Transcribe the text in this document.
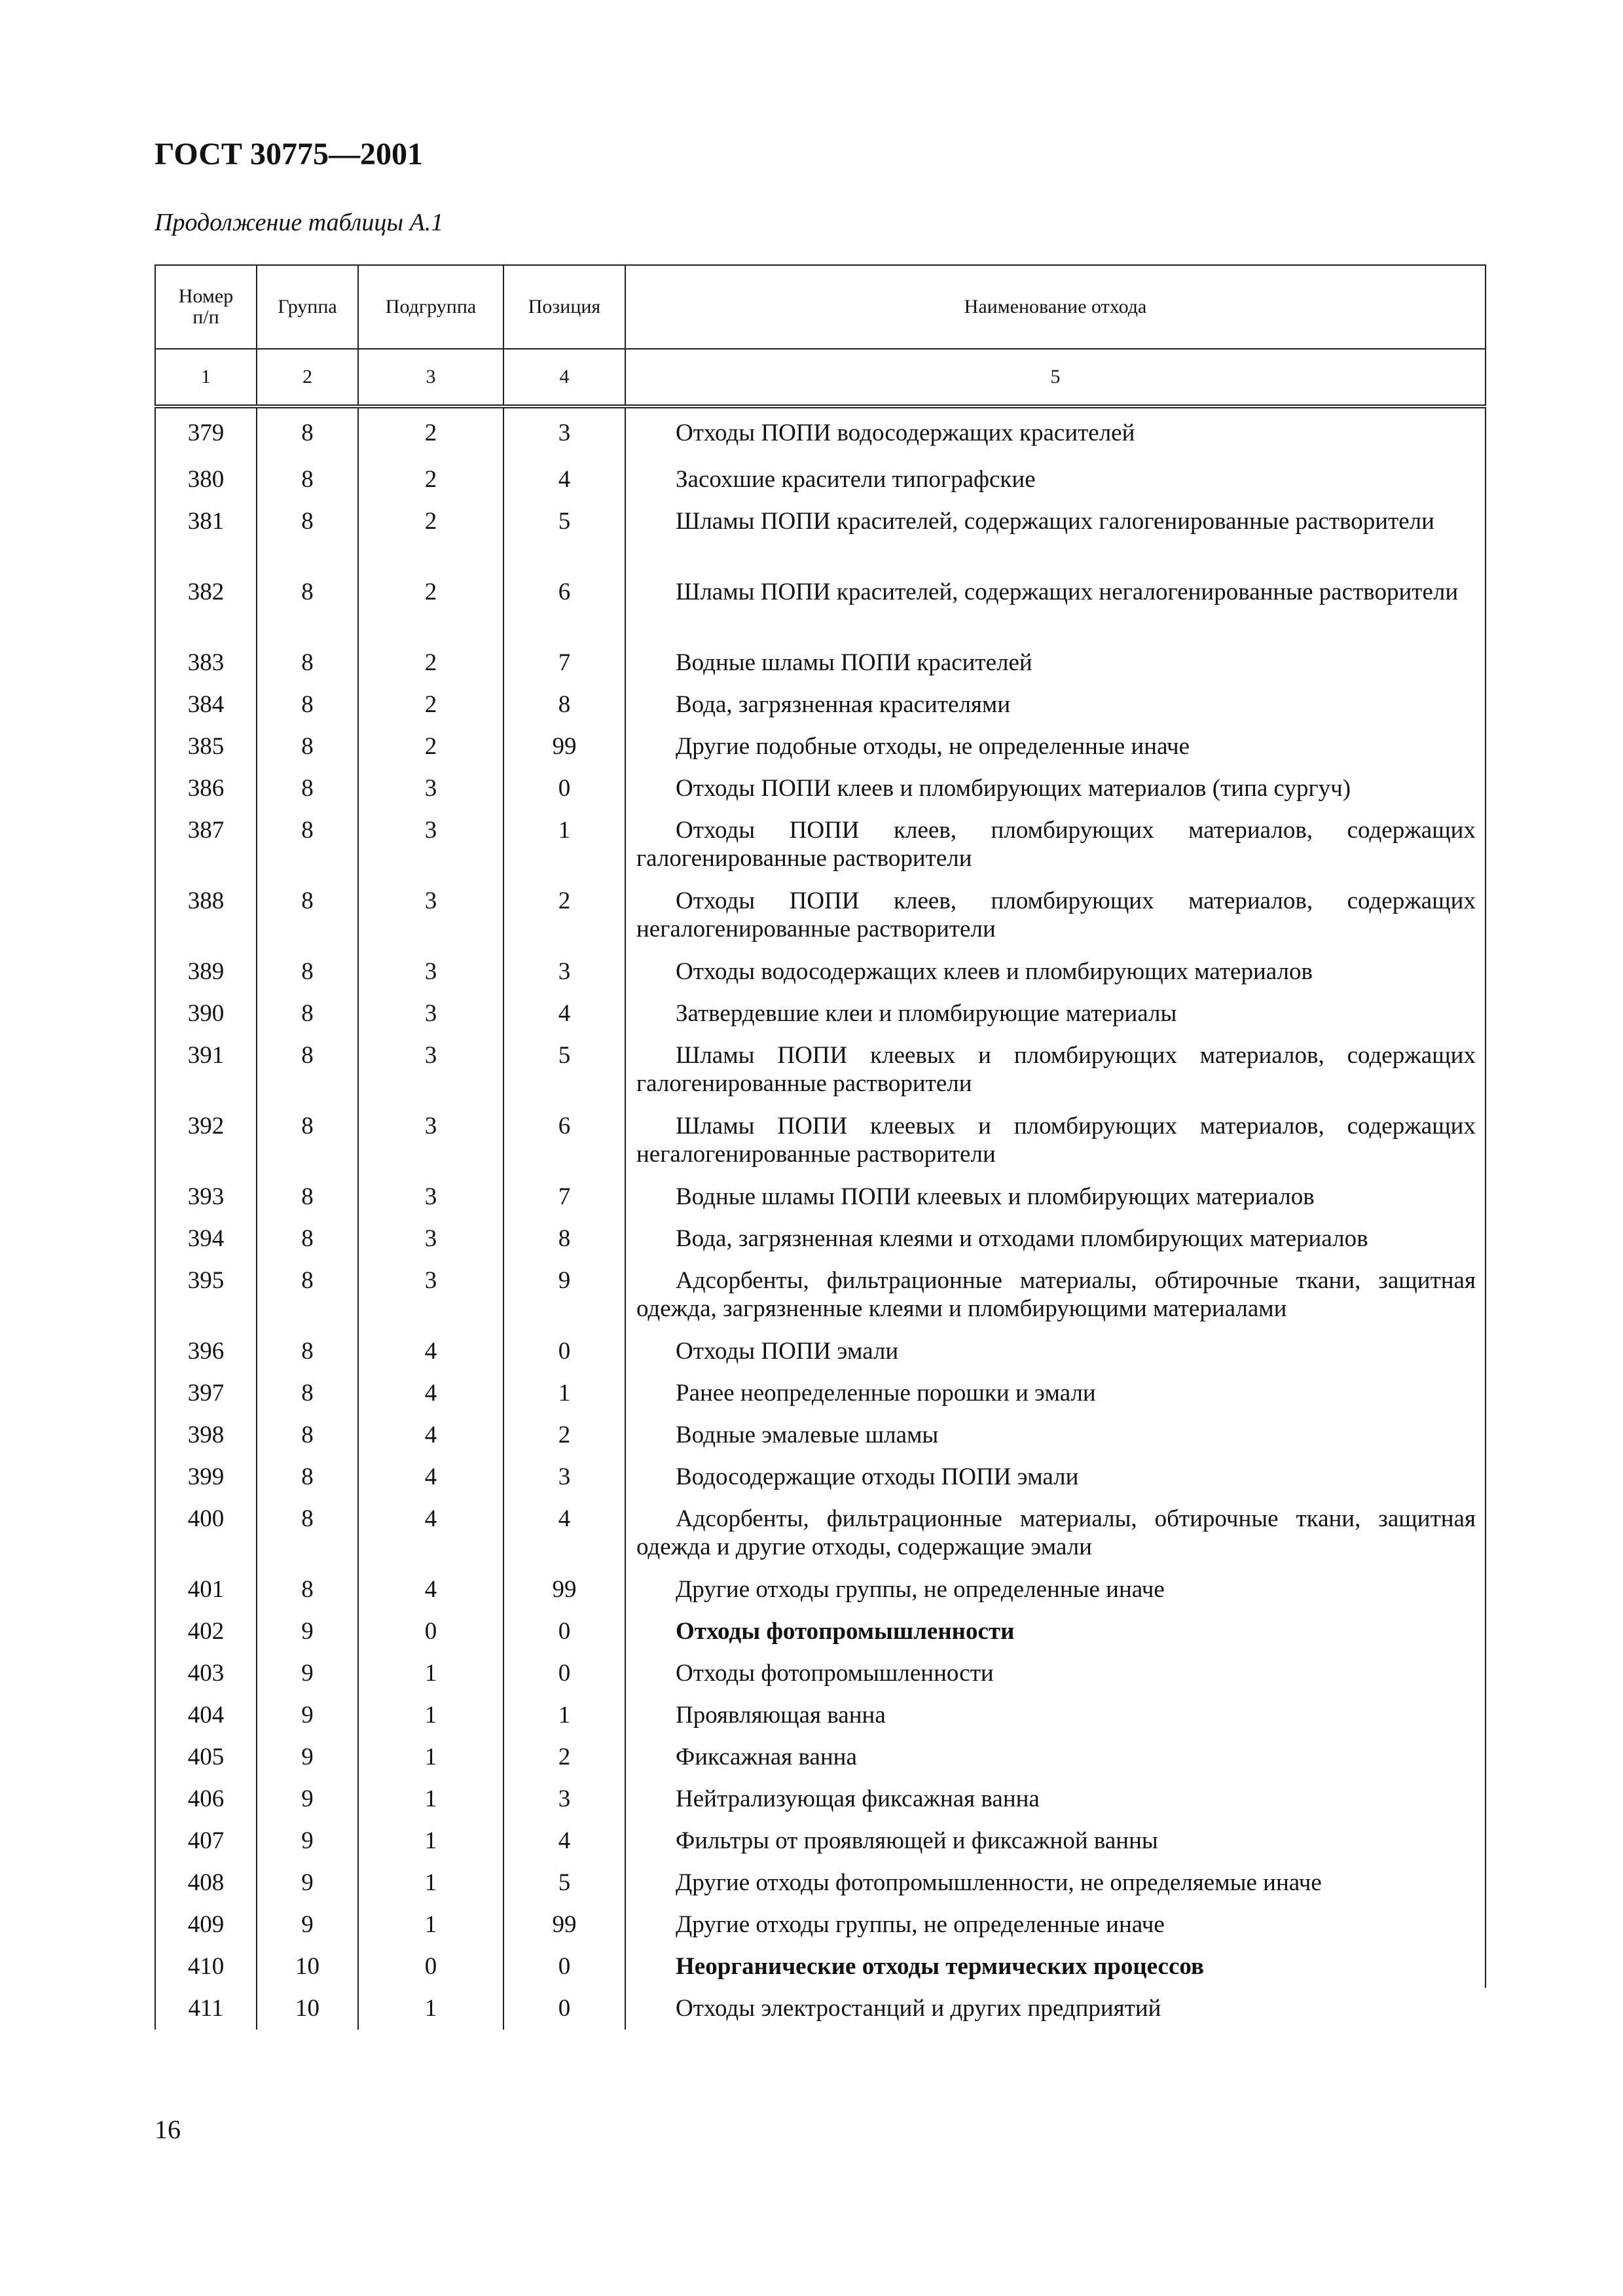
ГОСТ 30775—2001
Продолжение таблицы А.1
Номер п/п	Группа	Подгруппа	Позиция	Наименование отхода
1	2	3	4	5
379	8	2	3	Отходы ПОПИ водосодержащих красителей
380	8	2	4	Засохшие красители типографские
381	8	2	5	Шламы ПОПИ красителей, содержащих галогенированные растворители
382	8	2	6	Шламы ПОПИ красителей, содержащих негалогенированные растворители
383	8	2	7	Водные шламы ПОПИ красителей
384	8	2	8	Вода, загрязненная красителями
385	8	2	99	Другие подобные отходы, не определенные иначе
386	8	3	0	Отходы ПОПИ клеев и пломбирующих материалов (типа сургуч)
387	8	3	1	Отходы ПОПИ клеев, пломбирующих материалов, содержащих галогенированные растворители
388	8	3	2	Отходы ПОПИ клеев, пломбирующих материалов, содержащих негалогенированные растворители
389	8	3	3	Отходы водосодержащих клеев и пломбирующих материалов
390	8	3	4	Затвердевшие клеи и пломбирующие материалы
391	8	3	5	Шламы ПОПИ клеевых и пломбирующих материалов, содержащих галогенированные растворители
392	8	3	6	Шламы ПОПИ клеевых и пломбирующих материалов, содержащих негалогенированные растворители
393	8	3	7	Водные шламы ПОПИ клеевых и пломбирующих материалов
394	8	3	8	Вода, загрязненная клеями и отходами пломбирующих материалов
395	8	3	9	Адсорбенты, фильтрационные материалы, обтирочные ткани, защитная одежда, загрязненные клеями и пломбирующими материалами
396	8	4	0	Отходы ПОПИ эмали
397	8	4	1	Ранее неопределенные порошки и эмали
398	8	4	2	Водные эмалевые шламы
399	8	4	3	Водосодержащие отходы ПОПИ эмали
400	8	4	4	Адсорбенты, фильтрационные материалы, обтирочные ткани, защитная одежда и другие отходы, содержащие эмали
401	8	4	99	Другие отходы группы, не определенные иначе
402	9	0	0	Отходы фотопромышленности
403	9	1	0	Отходы фотопромышленности
404	9	1	1	Проявляющая ванна
405	9	1	2	Фиксажная ванна
406	9	1	3	Нейтрализующая фиксажная ванна
407	9	1	4	Фильтры от проявляющей и фиксажной ванны
408	9	1	5	Другие отходы фотопромышленности, не определяемые иначе
409	9	1	99	Другие отходы группы, не определенные иначе
410	10	0	0	Неорганические отходы термических процессов
411	10	1	0	Отходы электростанций и других предприятий
16
